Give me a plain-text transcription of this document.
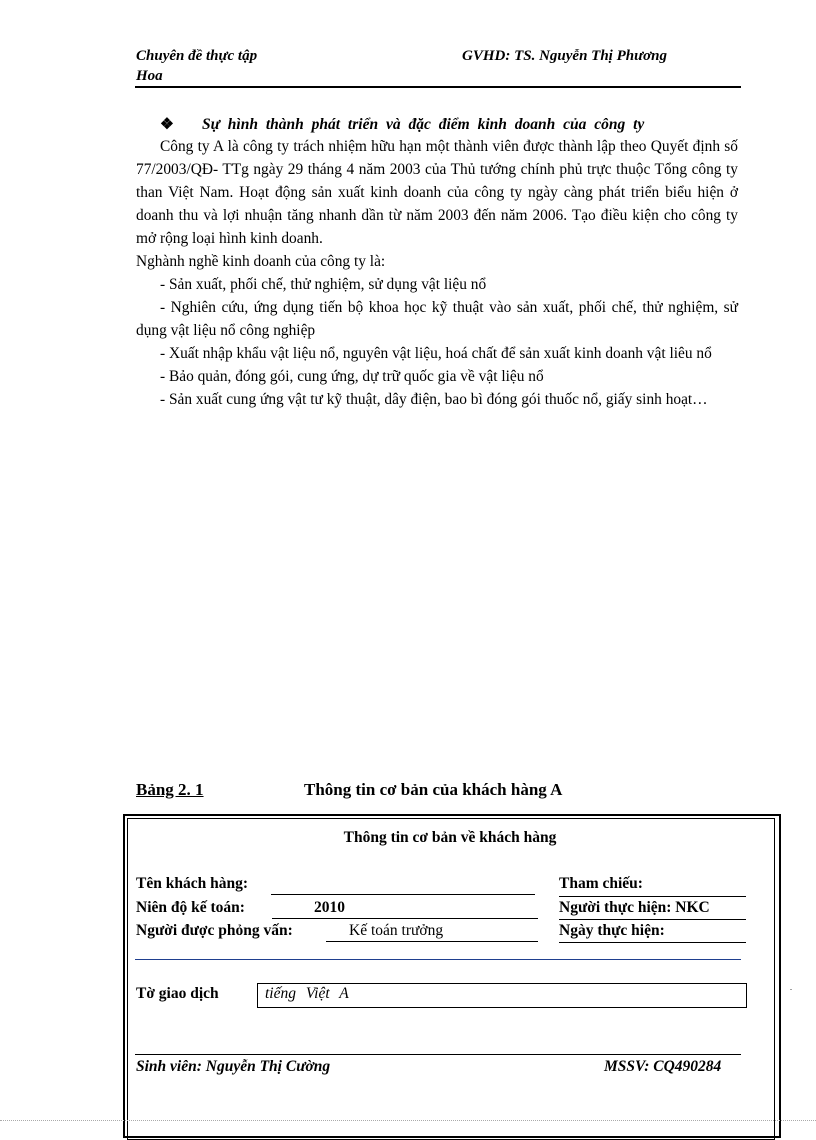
Chuyên đề thực tập
Hoa
GVHD: TS. Nguyễn Thị Phương
❖ Sự hình thành phát triển và đặc điểm kinh doanh của công ty

Công ty A là công ty trách nhiệm hữu hạn một thành viên được thành lập theo Quyết định số 77/2003/QĐ- TTg ngày 29 tháng 4 năm 2003 của Thủ tướng chính phủ trực thuộc Tổng công ty than Việt Nam. Hoạt động sản xuất kinh doanh của công ty ngày càng phát triển biểu hiện ở doanh thu và lợi nhuận tăng nhanh dần từ năm 2003 đến năm 2006. Tạo điều kiện cho công ty mở rộng loại hình kinh doanh.

Nghành nghề kinh doanh của công ty là:

- Sản xuất, phối chế, thử nghiệm, sử dụng vật liệu nổ

- Nghiên cứu, ứng dụng tiến bộ khoa học kỹ thuật vào sản xuất, phối chế, thử nghiệm, sử dụng vật liệu nổ công nghiệp

- Xuất nhập khẩu vật liệu nổ, nguyên vật liệu, hoá chất để sản xuất kinh doanh vật liêu nổ

- Bảo quản, đóng gói, cung ứng, dự trữ quốc gia về vật liệu nổ

- Sản xuất cung ứng vật tư kỹ thuật, dây điện, bao bì đóng gói thuốc nổ, giấy sinh hoạt…

Bảng 2. 1	Thông tin cơ bản của khách hàng A
Thông tin cơ bản về khách hàng
Tên khách hàng:	Tham chiếu:
Niên độ kế toán:	2010	Người thực hiện: NKC
Người được phỏng vấn:	Kế toán trưởng	Ngày thực hiện:
Tờ giao dịch	tiếng Việt A
Sinh viên: Nguyễn Thị Cường	MSSV: CQ490284
.
